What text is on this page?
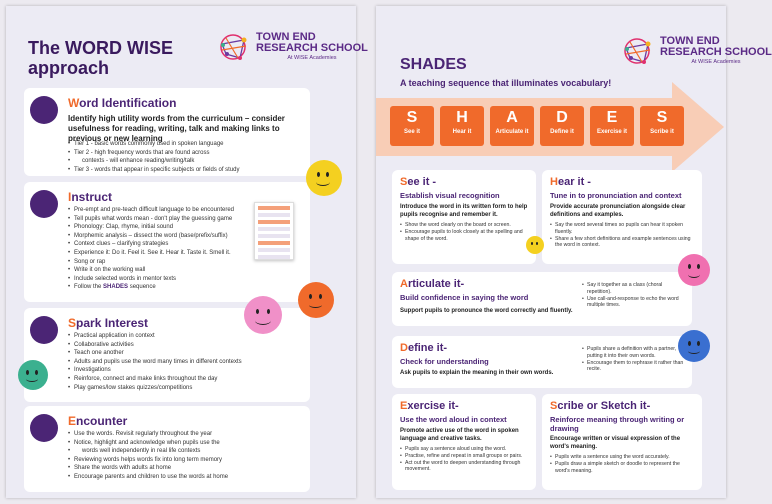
The WORD WISE
approach
TOWN END
RESEARCH SCHOOL
At WISE Academies
Word Identification
Identify high utility words from the curriculum – consider usefulness for reading, writing, talk and making links to previous or new learning
• Tier 1 - basic words commonly used in spoken language
• Tier 2 - high frequency words that are found across
• contexts - will enhance reading/writing/talk
• Tier 3 - words that appear in specific subjects or fields of study
Instruct
• Pre-empt and pre-teach difficult language to be encountered
• Tell pupils what words mean - don't play the guessing game
• Phonology: Clap, rhyme, initial sound
• Morphemic analysis – dissect the word (base/prefix/suffix)
• Context clues – clarifying strategies
• Experience it: Do it. Feel it. See it. Hear it. Taste it. Smell it.
• Song or rap
• Write it on the working wall
• Include selected words in mentor texts
• Follow the SHADES sequence
Spark Interest
• Practical application in context
• Collaborative activities
• Teach one another
• Adults and pupils use the word many times in different contexts
• Investigations
• Reinforce, connect and make links throughout the day
• Play games/low stakes quizzes/competitions
Encounter
• Use the words. Revisit regularly throughout the year
• Notice, highlight and acknowledge when pupils use the
• words well independently in real life contexts
• Reviewing words helps words fix into long term memory
• Share the words with adults at home
• Encourage parents and children to use the words at home
TOWN END
RESEARCH SCHOOL
At WISE Academies
SHADES
A teaching sequence that illuminates vocabulary!
S
See it
H
Hear it
A
Articulate it
D
Define it
E
Exercise it
S
Scribe it
See it -
Establish visual recognition
Introduce the word in its written form to help pupils recognise and remember it.
• Show the word clearly on the board or screen.
• Encourage pupils to look closely at the spelling and shape of the word.
Hear it -
Tune in to pronunciation and context
Provide accurate pronunciation alongside clear definitions and examples.
• Say the word several times so pupils can hear it spoken fluently.
• Share a few short definitions and example sentences using the word in context.
Articulate it-
Build confidence in saying the word
Support pupils to pronounce the word correctly and fluently.
• Say it together as a class (choral repetition).
• Use call-and-response to echo the word multiple times.
Define it-
Check for understanding
Ask pupils to explain the meaning in their own words.
• Pupils share a definition with a partner, putting it into their own words.
• Encourage them to rephrase it rather than recite.
Exercise it-
Use the word aloud in context
Promote active use of the word in spoken language and creative tasks.
• Pupils say a sentence aloud using the word.
• Practise, refine and repeat in small groups or pairs.
• Act out the word to deepen understanding through movement.
Scribe or Sketch it-
Reinforce meaning through writing or drawing
Encourage written or visual expression of the word's meaning.
• Pupils write a sentence using the word accurately.
• Pupils draw a simple sketch or doodle to represent the word's meaning.
